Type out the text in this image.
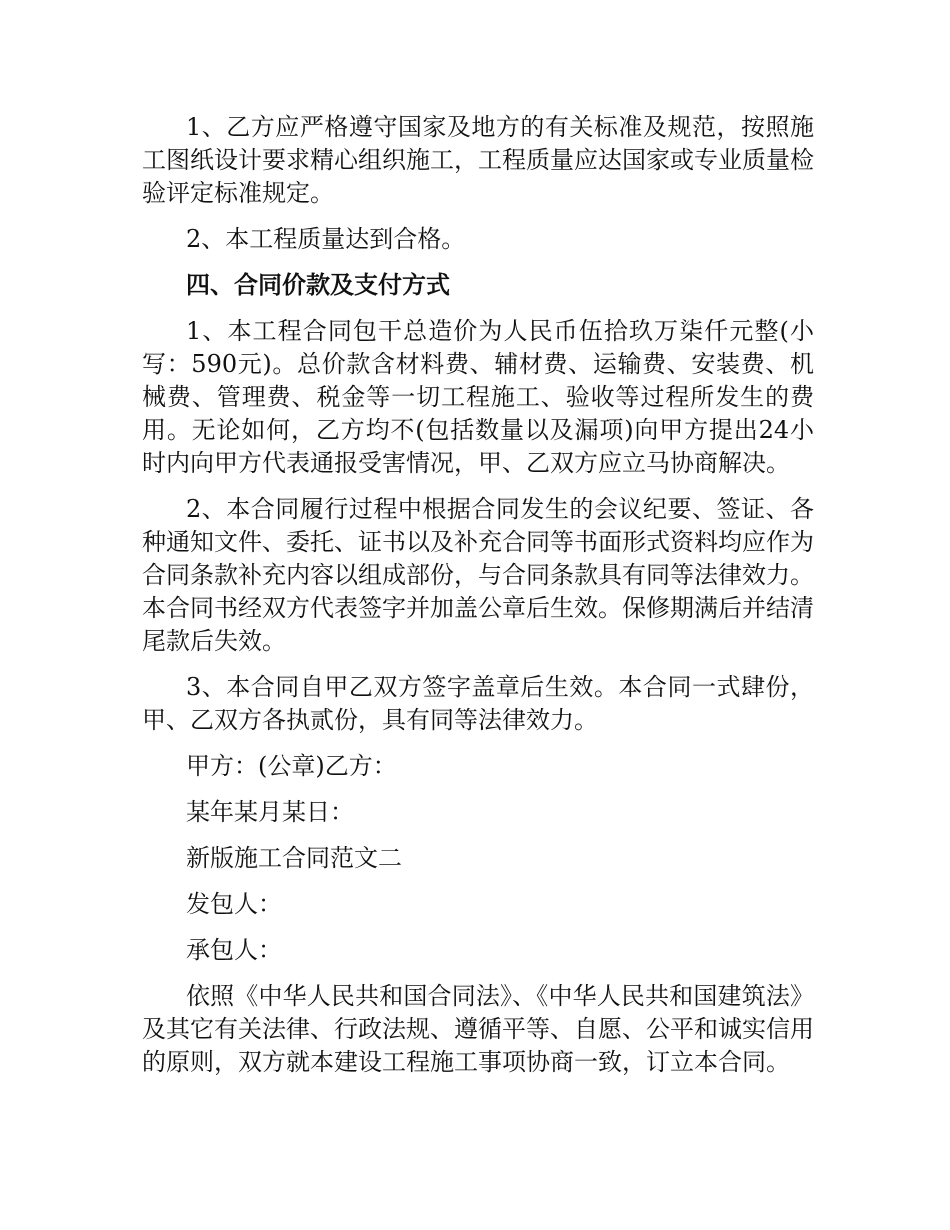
1、乙方应严格遵守国家及地方的有关标准及规范，按照施工图纸设计要求精心组织施工，工程质量应达国家或专业质量检验评定标准规定。

2、本工程质量达到合格。

四、合同价款及支付方式

1、本工程合同包干总造价为人民币伍拾玖万柒仟元整(小写：590元)。总价款含材料费、辅材费、运输费、安装费、机械费、管理费、税金等一切工程施工、验收等过程所发生的费用。无论如何，乙方均不(包括数量以及漏项)向甲方提出24小时内向甲方代表通报受害情况，甲、乙双方应立马协商解决。

2、本合同履行过程中根据合同发生的会议纪要、签证、各种通知文件、委托、证书以及补充合同等书面形式资料均应作为合同条款补充内容以组成部份，与合同条款具有同等法律效力。本合同书经双方代表签字并加盖公章后生效。保修期满后并结清尾款后失效。

3、本合同自甲乙双方签字盖章后生效。本合同一式肆份，甲、乙双方各执贰份，具有同等法律效力。

甲方：(公章)乙方：

某年某月某日：

新版施工合同范文二

发包人：

承包人：

依照《中华人民共和国合同法》、《中华人民共和国建筑法》及其它有关法律、行政法规、遵循平等、自愿、公平和诚实信用的原则，双方就本建设工程施工事项协商一致，订立本合同。
